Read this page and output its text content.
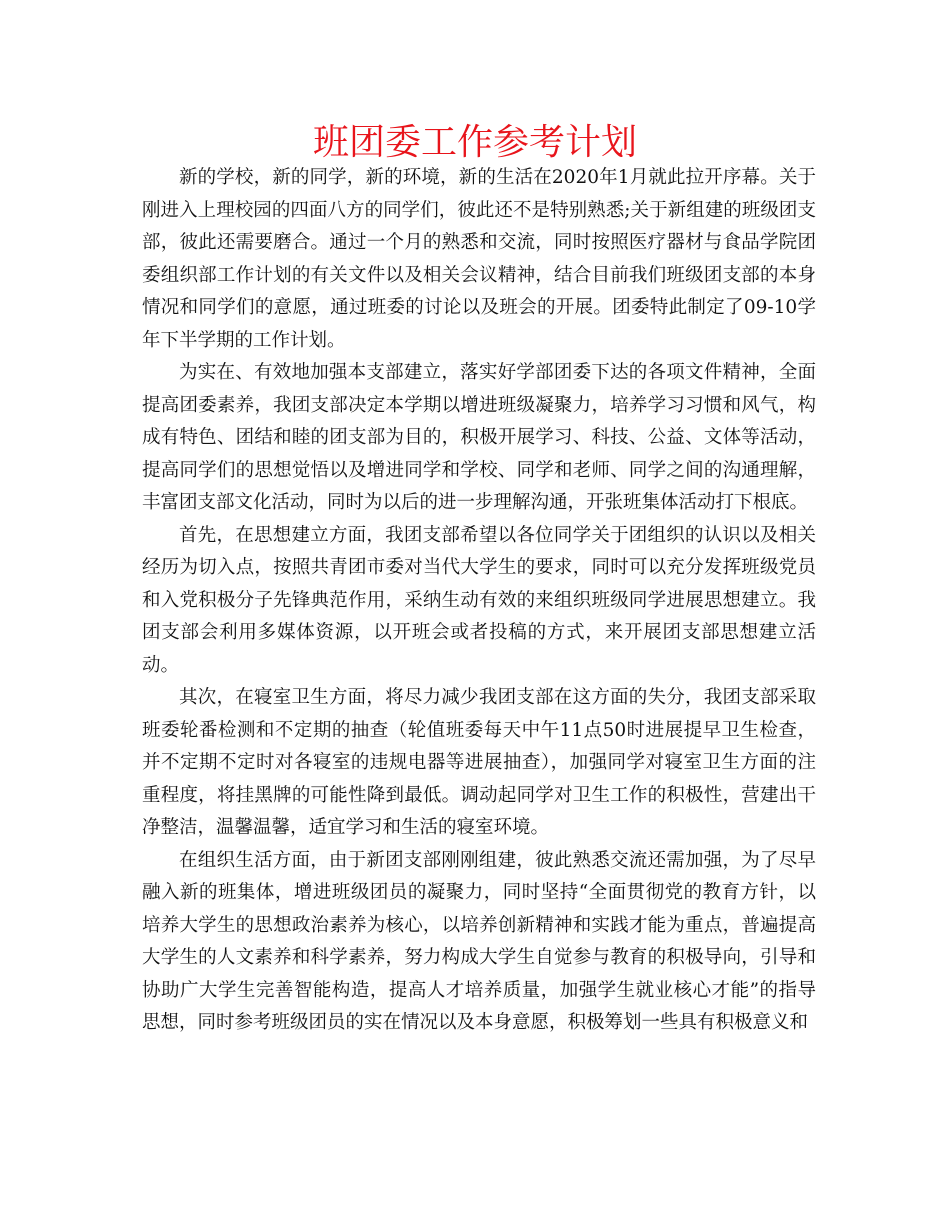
班团委工作参考计划

新的学校，新的同学，新的环境，新的生活在2020年1月就此拉开序幕。关于刚进入上理校园的四面八方的同学们，彼此还不是特别熟悉;关于新组建的班级团支部，彼此还需要磨合。通过一个月的熟悉和交流，同时按照医疗器材与食品学院团委组织部工作计划的有关文件以及相关会议精神，结合目前我们班级团支部的本身情况和同学们的意愿，通过班委的讨论以及班会的开展。团委特此制定了09-10学年下半学期的工作计划。

为实在、有效地加强本支部建立，落实好学部团委下达的各项文件精神，全面提高团委素养，我团支部决定本学期以增进班级凝聚力，培养学习习惯和风气，构成有特色、团结和睦的团支部为目的，积极开展学习、科技、公益、文体等活动，提高同学们的思想觉悟以及增进同学和学校、同学和老师、同学之间的沟通理解，丰富团支部文化活动，同时为以后的进一步理解沟通，开张班集体活动打下根底。

首先，在思想建立方面，我团支部希望以各位同学关于团组织的认识以及相关经历为切入点，按照共青团市委对当代大学生的要求，同时可以充分发挥班级党员和入党积极分子先锋典范作用，采纳生动有效的来组织班级同学进展思想建立。我团支部会利用多媒体资源，以开班会或者投稿的方式，来开展团支部思想建立活动。

其次，在寝室卫生方面，将尽力减少我团支部在这方面的失分，我团支部采取班委轮番检测和不定期的抽查（轮值班委每天中午11点50时进展提早卫生检查，并不定期不定时对各寝室的违规电器等进展抽查），加强同学对寝室卫生方面的注重程度，将挂黑牌的可能性降到最低。调动起同学对卫生工作的积极性，营建出干净整洁，温馨温馨，适宜学习和生活的寝室环境。

在组织生活方面，由于新团支部刚刚组建，彼此熟悉交流还需加强，为了尽早融入新的班集体，增进班级团员的凝聚力，同时坚持“全面贯彻党的教育方针，以培养大学生的思想政治素养为核心，以培养创新精神和实践才能为重点，普遍提高大学生的人文素养和科学素养，努力构成大学生自觉参与教育的积极导向，引导和协助广大学生完善智能构造，提高人才培养质量，加强学生就业核心才能”的指导思想，同时参考班级团员的实在情况以及本身意愿，积极筹划一些具有积极意义和
